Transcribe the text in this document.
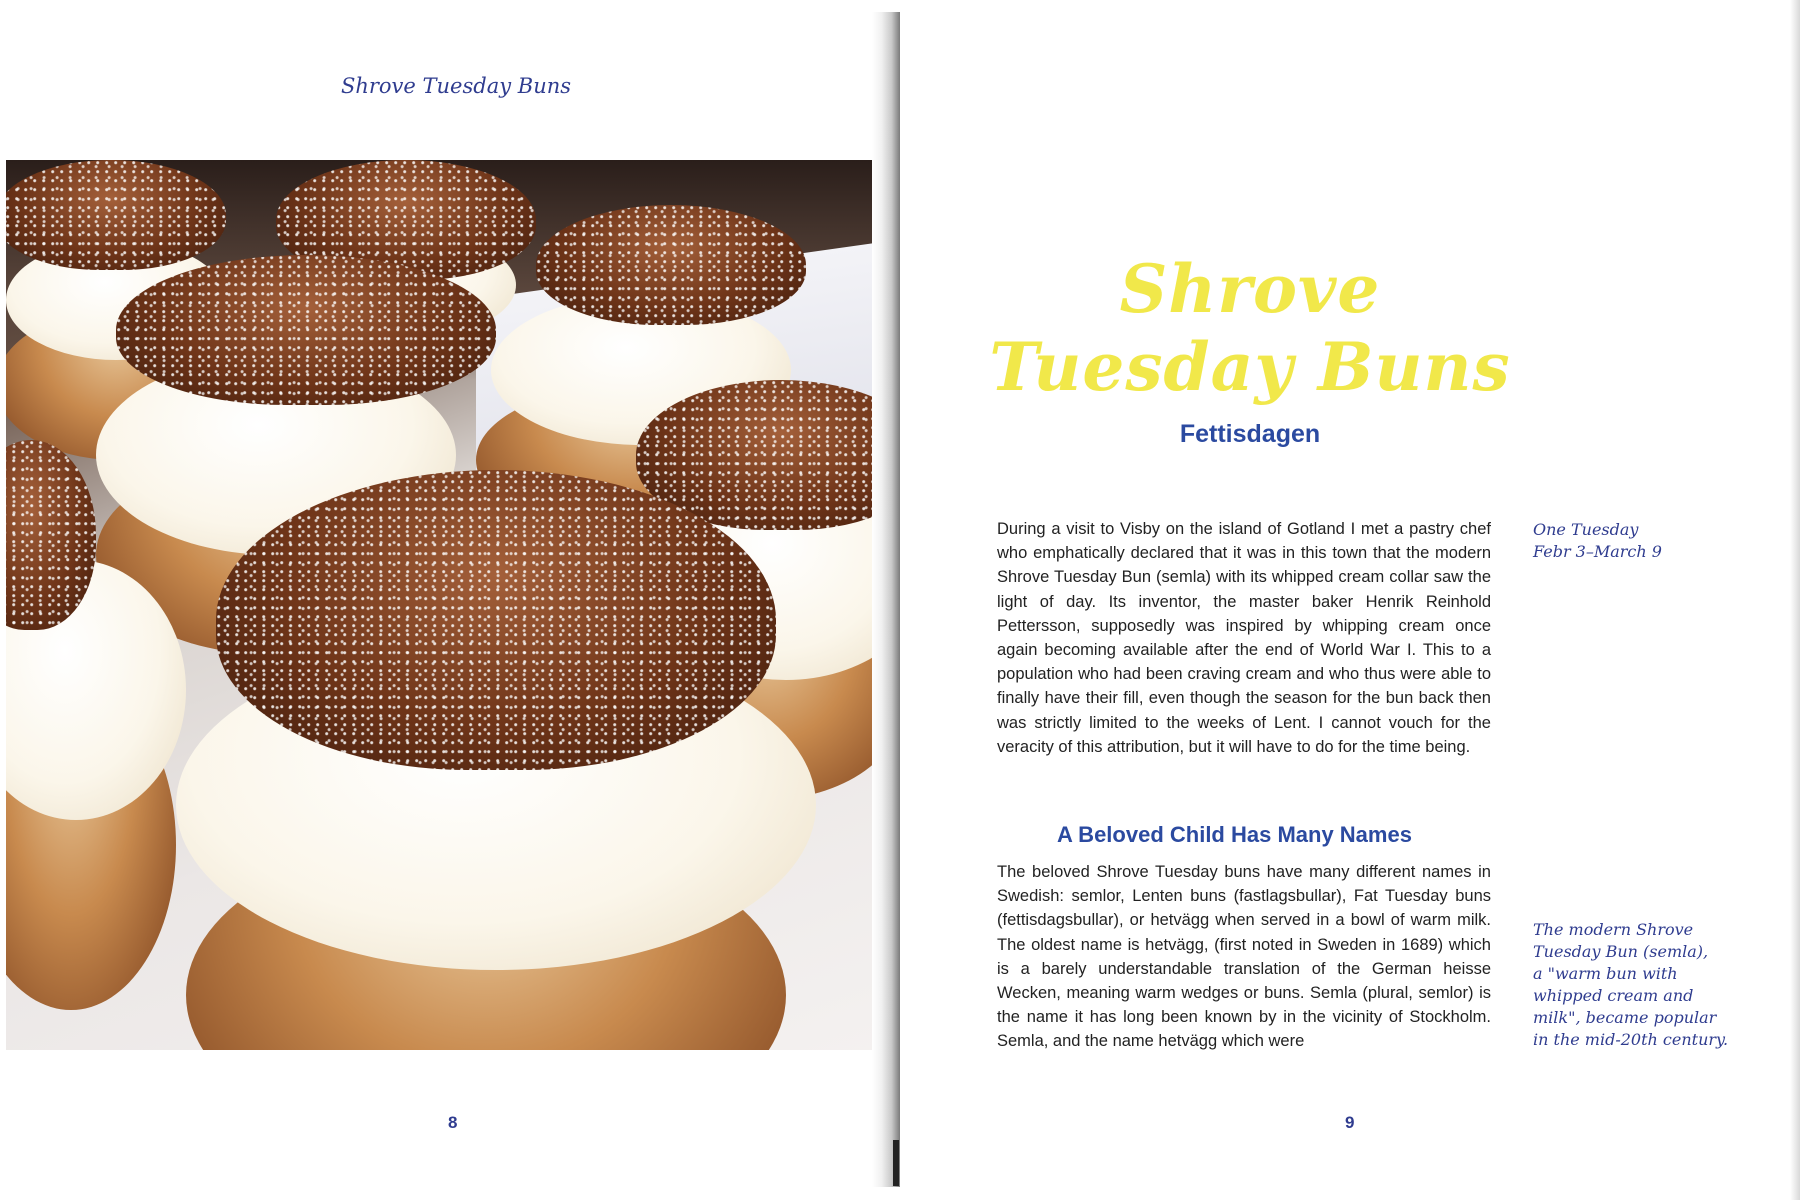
Shrove Tuesday Buns
8
Shrove Tuesday Buns
Fettisdagen

During a visit to Visby on the island of Gotland I met a pastry chef who emphatically declared that it was in this town that the modern Shrove Tuesday Bun (semla) with its whipped cream collar saw the light of day. Its inventor, the master baker Henrik Reinhold Pettersson, supposedly was inspired by whipping cream once again becoming available after the end of World War I. This to a population who had been craving cream and who thus were able to finally have their fill, even though the season for the bun back then was strictly limited to the weeks of Lent. I cannot vouch for the veracity of this attribution, but it will have to do for the time being.

One Tuesday
Febr 3–March 9
A Beloved Child Has Many Names

The beloved Shrove Tuesday buns have many different names in Swedish: semlor, Lenten buns (fastlagsbullar), Fat Tuesday buns (fettisdagsbullar), or hetvägg when served in a bowl of warm milk. The oldest name is hetvägg, (first noted in Sweden in 1689) which is a barely understandable translation of the German heisse Wecken, meaning warm wedges or buns. Semla (plural, semlor) is the name it has long been known by in the vicinity of Stockholm. Semla, and the name hetvägg which were

The modern Shrove
Tuesday Bun (semla),
a "warm bun with
whipped cream and
milk", became popular
in the mid-20th century.
9
